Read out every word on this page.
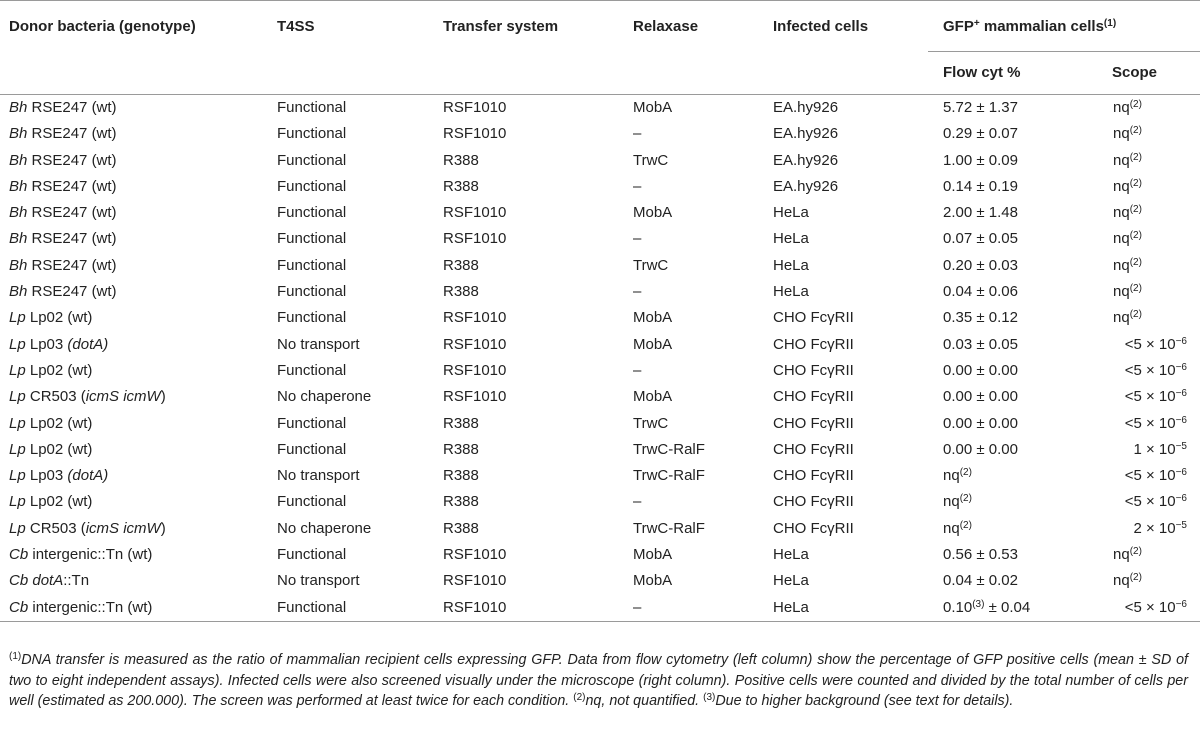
Donor bacteria (genotype)	T4SS	Transfer system	Relaxase	Infected cells	GFP+ mammalian cells$^{(1)}$
Flow cyt %	Scope
Bh RSE247 (wt)	Functional	RSF1010	MobA	EA.hy926	5.72 ± 1.37	$nq^{(2)}$
Bh RSE247 (wt)	Functional	RSF1010	–	EA.hy926	0.29 ± 0.07	$nq^{(2)}$
Bh RSE247 (wt)	Functional	R388	TrwC	EA.hy926	1.00 ± 0.09	$nq^{(2)}$
Bh RSE247 (wt)	Functional	R388	–	EA.hy926	0.14 ± 0.19	$nq^{(2)}$
Bh RSE247 (wt)	Functional	RSF1010	MobA	HeLa	2.00 ± 1.48	$nq^{(2)}$
Bh RSE247 (wt)	Functional	RSF1010	–	HeLa	0.07 ± 0.05	$nq^{(2)}$
Bh RSE247 (wt)	Functional	R388	TrwC	HeLa	0.20 ± 0.03	$nq^{(2)}$
Bh RSE247 (wt)	Functional	R388	–	HeLa	0.04 ± 0.06	$nq^{(2)}$
Lp Lp02 (wt)	Functional	RSF1010	MobA	CHO FcγRII	0.35 ± 0.12	$nq^{(2)}$
Lp Lp03 (dotA)	No transport	RSF1010	MobA	CHO FcγRII	0.03 ± 0.05	$<5 \times 10^{-6}$
Lp Lp02 (wt)	Functional	RSF1010	–	CHO FcγRII	0.00 ± 0.00	$<5 \times 10^{-6}$
Lp CR503 (icmS icmW)	No chaperone	RSF1010	MobA	CHO FcγRII	0.00 ± 0.00	$<5 \times 10^{-6}$
Lp Lp02 (wt)	Functional	R388	TrwC	CHO FcγRII	0.00 ± 0.00	$<5 \times 10^{-6}$
Lp Lp02 (wt)	Functional	R388	TrwC-RalF	CHO FcγRII	0.00 ± 0.00	$1 \times 10^{-5}$
Lp Lp03 (dotA)	No transport	R388	TrwC-RalF	CHO FcγRII	$nq^{(2)}$	$<5 \times 10^{-6}$
Lp Lp02 (wt)	Functional	R388	–	CHO FcγRII	$nq^{(2)}$	$<5 \times 10^{-6}$
Lp CR503 (icmS icmW)	No chaperone	R388	TrwC-RalF	CHO FcγRII	$nq^{(2)}$	$2 \times 10^{-5}$
Cb intergenic::Tn (wt)	Functional	RSF1010	MobA	HeLa	0.56 ± 0.53	$nq^{(2)}$
Cb dotA::Tn	No transport	RSF1010	MobA	HeLa	0.04 ± 0.02	$nq^{(2)}$
Cb intergenic::Tn (wt)	Functional	RSF1010	–	HeLa	$0.10^{(3)} \pm 0.04$	$<5 \times 10^{-6}$
$^{(1)}$DNA transfer is measured as the ratio of mammalian recipient cells expressing GFP. Data from flow cytometry (left column) show the percentage of GFP positive cells (mean ± SD of two to eight independent assays). Infected cells were also screened visually under the microscope (right column). Positive cells were counted and divided by the total number of cells per well (estimated as 200.000). The screen was performed at least twice for each condition. $^{(2)}$nq, not quantified. $^{(3)}$Due to higher background (see text for details).
